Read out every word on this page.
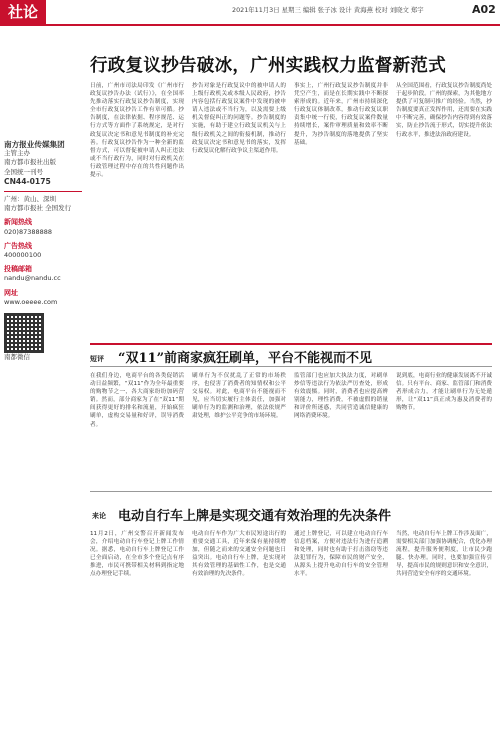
社论	2021年11月3日 星期三 编辑 张子冰 设计 黄海燕 校对 刘晓文 郑宇	A02
南方报业传媒集团
主管主办
南方都市报社出版
全国统一刊号
CN44-0175
广州：黄山、深圳
南方都市报社 全国发行
新闻热线
020)87388888
广告热线
400000100
投稿邮箱
nandu@nandu.cc
网址
www.oeeee.com
南都微信
行政复议抄告破冰，广州实践权力监督新范式
日前，广州市司法局印发《广州市行政复议抄告办法（试行）》，在全国率先推动落实行政复议抄告制度，实现全市行政复议抄告工作有章可循。抄告制度，在法律依据、程序规范、运行方式等方面作了系统规定，是对行政复议决定书和意见书制度的补充完善。行政复议抄告作为一种全新的监督方式，可以督促被申请人纠正违法或不当行政行为，同时对行政机关在行政管理过程中存在的共性问题作出提示。
抄告对象是行政复议中的被申请人的上级行政机关或本级人民政府，抄告内容包括行政复议案件中发现的被申请人违法或不当行为，以及需要上级机关督促纠正的问题等。抄告制度的实施，有助于建立行政复议机关与上级行政机关之间的衔接机制，推动行政复议决定书和意见书的落实，发挥行政复议化解行政争议主渠道作用。
事实上，广州行政复议抄告制度并非凭空产生，而是在长期实践中不断探索形成的。近年来，广州市持续深化行政复议体制改革，推动行政复议职责集中统一行使，行政复议案件数量持续增长，案件审理质量和效率不断提升，为抄告制度的落地提供了坚实基础。
从全国范围看，行政复议抄告制度尚处于起步阶段。广州的探索，为其他地方提供了可复制可推广的经验。当然，抄告制度要真正发挥作用，还需要在实践中不断完善，确保抄告内容得到有效落实，防止抄告流于形式，切实提升依法行政水平，推进法治政府建设。
短评 “双11”前商家疯狂刷单，平台不能视而不见
在我们身边，电商平台的各类促销活动日益频繁，“双11”作为全年最重要的购物节之一，各大商家纷纷加码营销。然而，部分商家为了在“双11”期间获得更好的排名和流量，开始疯狂刷单，虚构交易量和好评，误导消费者。
刷单行为不仅扰乱了正常的市场秩序，也侵害了消费者的知情权和公平交易权。对此，电商平台不能视而不见，应当切实履行主体责任，加强对刷单行为的监测和治理，依法依规严肃处理，维护公平竞争的市场环境。
监管部门也应加大执法力度，对刷单炒信等违法行为依法严厉查处，形成有效震慑。同时，消费者也应提高辨别能力，理性消费，不被虚假的销量和评价所迷惑，共同营造诚信健康的网络消费环境。
说到底，电商行业的健康发展离不开诚信。只有平台、商家、监管部门和消费者形成合力，才能让刷单行为无处遁形，让“双11”真正成为惠及消费者的购物节。
来论 电动自行车上牌是实现交通有效治理的先决条件
11月2日，广州交警召开新闻发布会，介绍电动自行车登记上牌工作情况。据悉，电动自行车上牌登记工作已全面启动，在全市多个登记点有序推进，市民可携带相关材料到指定地点办理登记手续。
电动自行车作为广大市民短途出行的重要交通工具，近年来保有量持续增加，但随之而来的交通安全问题也日益突出。电动自行车上牌，是实现对其有效管理的基础性工作，也是交通有效治理的先决条件。
通过上牌登记，可以建立电动自行车信息档案，方便对违法行为进行追溯和处理，同时也有助于打击盗窃等违法犯罪行为，保障市民的财产安全，从源头上提升电动自行车的安全管理水平。
当然，电动自行车上牌工作涉及面广，需要相关部门加强协调配合，优化办理流程，提升服务便利度，让市民少跑腿、快办理。同时，也要加强宣传引导，提高市民的规则意识和安全意识，共同营造安全有序的交通环境。
